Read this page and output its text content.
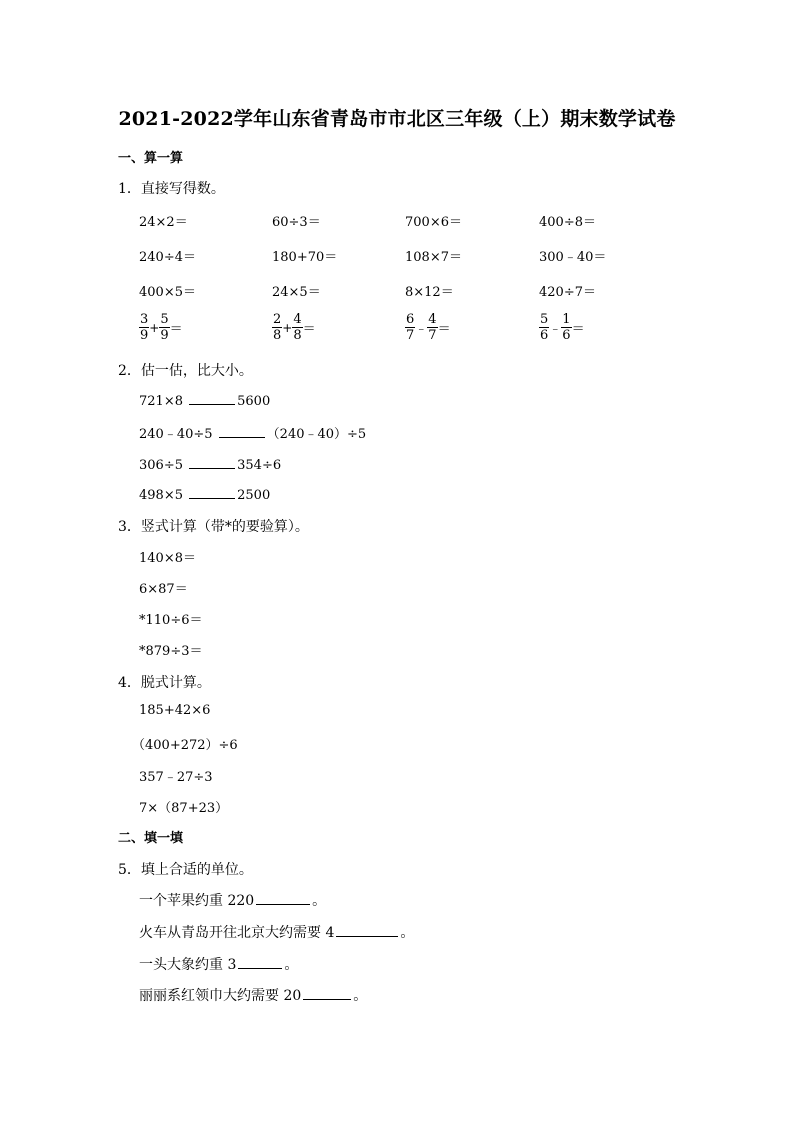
2021-2022学年山东省青岛市市北区三年级（上）期末数学试卷
一、算一算
1．直接写得数。
24×2＝	60÷3＝	700×6＝	400÷8＝
240÷4＝	180+70＝	108×7＝	300﹣40＝
400×5＝	24×5＝	8×12＝	420÷7＝
$\frac{3}{9} + \frac{5}{9}$ ＝	$\frac{2}{8} + \frac{4}{8}$ ＝	$\frac{6}{7}$ ﹣ $\frac{4}{7}$ ＝	$\frac{5}{6}$ ﹣ $\frac{1}{6}$ ＝
2．估一估，比大小。
721×8	5600
240﹣40÷5	（240﹣40）÷5
306÷5	354÷6
498×5	2500
3．竖式计算（带*的要验算）。
140×8＝
6×87＝
*110÷6＝
*879÷3＝
4．脱式计算。
185+42×6
（400+272）÷6
357﹣27÷3
7×（87+23）
二、填一填
5．填上合适的单位。
一个苹果约重 220	。
火车从青岛开往北京大约需要 4	。
一头大象约重 3	。
丽丽系红领巾大约需要 20	。
